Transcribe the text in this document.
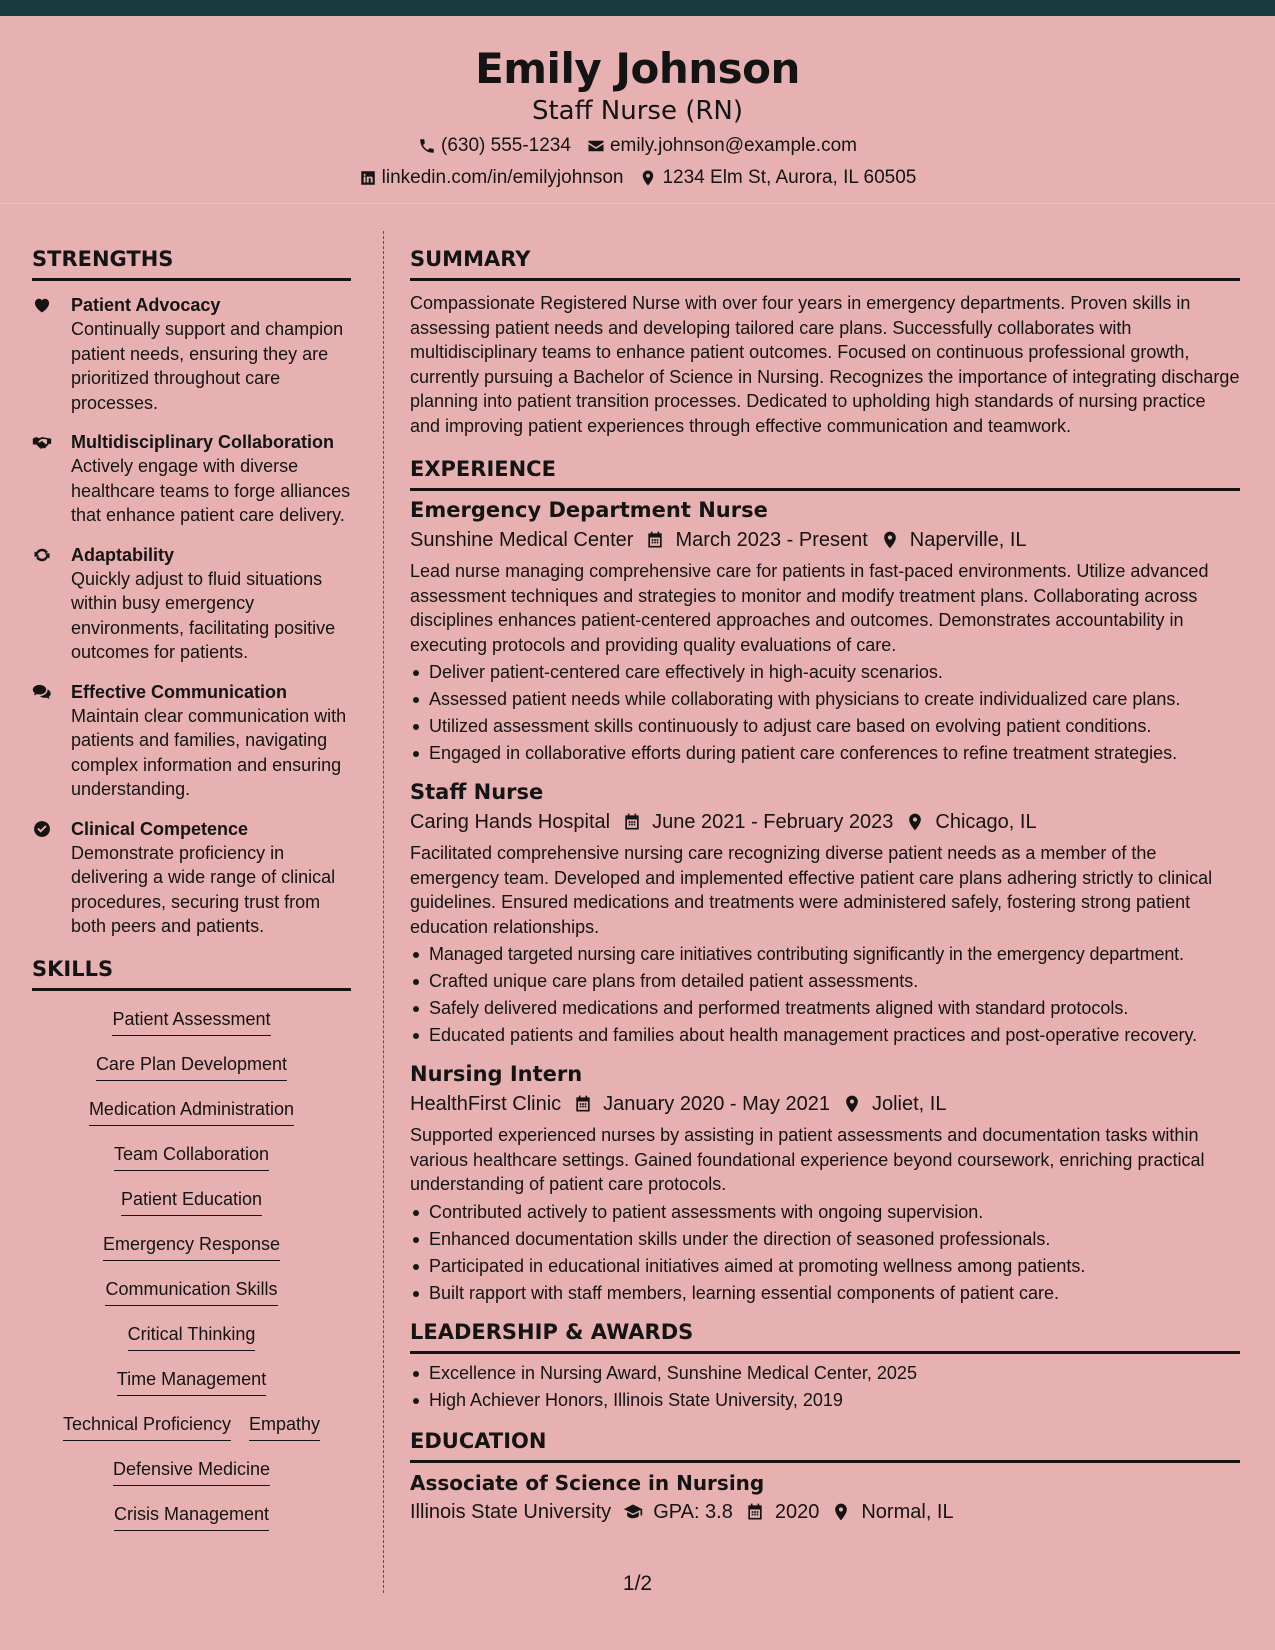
Emily Johnson
Staff Nurse (RN)
(630) 555-1234 emily.johnson@example.com
linkedin.com/in/emilyjohnson 1234 Elm St, Aurora, IL 60505
STRENGTHS
Patient Advocacy
Continually support and champion patient needs, ensuring they are prioritized throughout care processes.
Multidisciplinary Collaboration
Actively engage with diverse healthcare teams to forge alliances that enhance patient care delivery.
Adaptability
Quickly adjust to fluid situations within busy emergency environments, facilitating positive outcomes for patients.
Effective Communication
Maintain clear communication with patients and families, navigating complex information and ensuring understanding.
Clinical Competence
Demonstrate proficiency in delivering a wide range of clinical procedures, securing trust from both peers and patients.
SKILLS
Patient Assessment
Care Plan Development
Medication Administration
Team Collaboration
Patient Education
Emergency Response
Communication Skills
Critical Thinking
Time Management
Technical Proficiency Empathy
Defensive Medicine
Crisis Management
SUMMARY
Compassionate Registered Nurse with over four years in emergency departments. Proven skills in assessing patient needs and developing tailored care plans. Successfully collaborates with multidisciplinary teams to enhance patient outcomes. Focused on continuous professional growth, currently pursuing a Bachelor of Science in Nursing. Recognizes the importance of integrating discharge planning into patient transition processes. Dedicated to upholding high standards of nursing practice and improving patient experiences through effective communication and teamwork.
EXPERIENCE
Emergency Department Nurse
Sunshine Medical Center March 2023 - Present Naperville, IL
Lead nurse managing comprehensive care for patients in fast-paced environments. Utilize advanced assessment techniques and strategies to monitor and modify treatment plans. Collaborating across disciplines enhances patient-centered approaches and outcomes. Demonstrates accountability in executing protocols and providing quality evaluations of care.
Deliver patient-centered care effectively in high-acuity scenarios.
Assessed patient needs while collaborating with physicians to create individualized care plans.
Utilized assessment skills continuously to adjust care based on evolving patient conditions.
Engaged in collaborative efforts during patient care conferences to refine treatment strategies.
Staff Nurse
Caring Hands Hospital June 2021 - February 2023 Chicago, IL
Facilitated comprehensive nursing care recognizing diverse patient needs as a member of the emergency team. Developed and implemented effective patient care plans adhering strictly to clinical guidelines. Ensured medications and treatments were administered safely, fostering strong patient education relationships.
Managed targeted nursing care initiatives contributing significantly in the emergency department.
Crafted unique care plans from detailed patient assessments.
Safely delivered medications and performed treatments aligned with standard protocols.
Educated patients and families about health management practices and post-operative recovery.
Nursing Intern
HealthFirst Clinic January 2020 - May 2021 Joliet, IL
Supported experienced nurses by assisting in patient assessments and documentation tasks within various healthcare settings. Gained foundational experience beyond coursework, enriching practical understanding of patient care protocols.
Contributed actively to patient assessments with ongoing supervision.
Enhanced documentation skills under the direction of seasoned professionals.
Participated in educational initiatives aimed at promoting wellness among patients.
Built rapport with staff members, learning essential components of patient care.
LEADERSHIP & AWARDS
Excellence in Nursing Award, Sunshine Medical Center, 2025
High Achiever Honors, Illinois State University, 2019
EDUCATION
Associate of Science in Nursing
Illinois State University GPA: 3.8 2020 Normal, IL
1/2
